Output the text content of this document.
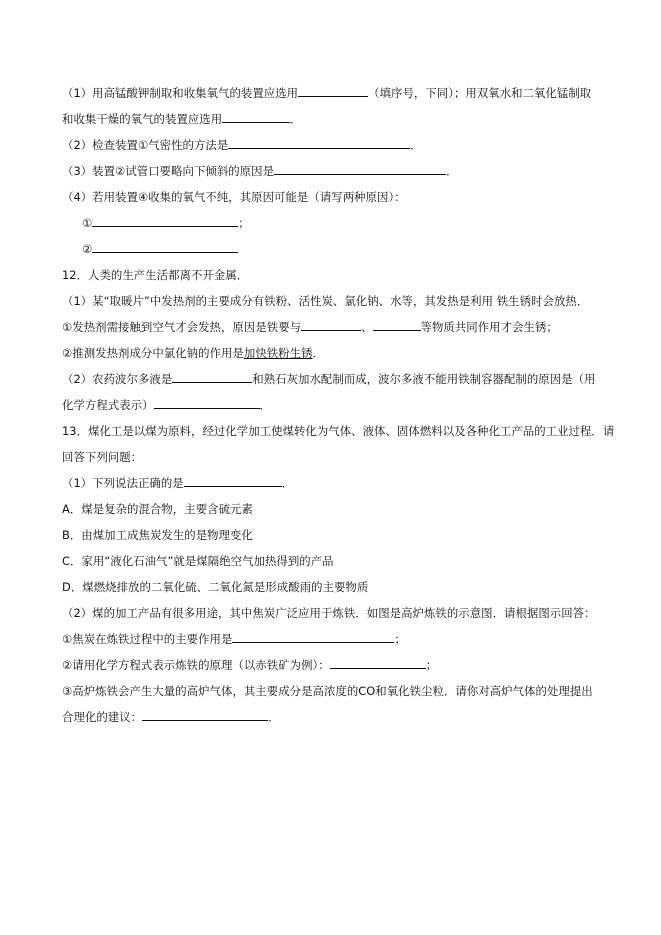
（1）用高锰酸钾制取和收集氧气的装置应选用	（填序号，下同）；用双氧水和二氧化锰制取
和收集干燥的氧气的装置应选用	．
（2）检查装置①气密性的方法是	．
（3）装置②试管口要略向下倾斜的原因是	．
（4）若用装置④收集的氧气不纯，其原因可能是（请写两种原因）：
①	；
②
12．人类的生产生活都离不开金属．
（1）某“取暖片”中发热剂的主要成分有铁粉、活性炭、氯化钠、水等，其发热是利用 铁生锈时会放热．
①发热剂需接触到空气才会发热，原因是铁要与	、	等物质共同作用才会生锈；
②推测发热剂成分中氯化钠的作用是加快铁粉生锈．
（2）农药波尔多液是	和熟石灰加水配制而成，波尔多液不能用铁制容器配制的原因是（用
化学方程式表示）	．
13．煤化工是以煤为原料，经过化学加工使煤转化为气体、液体、固体燃料以及各种化工产品的工业过程．请
回答下列问题：
（1）下列说法正确的是	．
A．煤是复杂的混合物，主要含硫元素
B．由煤加工成焦炭发生的是物理变化
C．家用“液化石油气”就是煤隔绝空气加热得到的产品
D．煤燃烧排放的二氧化硫、二氧化氮是形成酸雨的主要物质
（2）煤的加工产品有很多用途，其中焦炭广泛应用于炼铁．如图是高炉炼铁的示意图．请根据图示回答：
①焦炭在炼铁过程中的主要作用是	；
②请用化学方程式表示炼铁的原理（以赤铁矿为例）：	；
③高炉炼铁会产生大量的高炉气体，其主要成分是高浓度的CO和氧化铁尘粒．请你对高炉气体的处理提出
合理化的建议：	．
